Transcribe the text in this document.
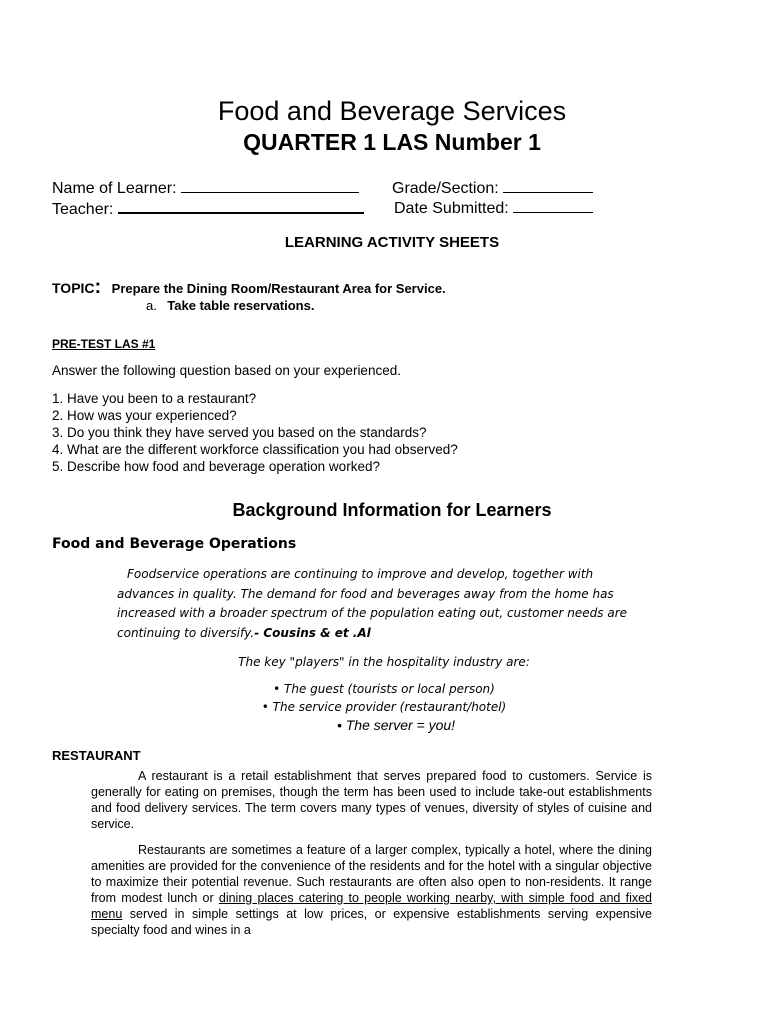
Food and Beverage Services
QUARTER 1 LAS Number 1
Name of Learner:	Grade/Section:
Teacher:	Date Submitted:
LEARNING ACTIVITY SHEETS
TOPIC: Prepare the Dining Room/Restaurant Area for Service.
a. Take table reservations.
PRE-TEST LAS #1
Answer the following question based on your experienced.
1. Have you been to a restaurant?
2. How was your experienced?
3. Do you think they have served you based on the standards?
4. What are the different workforce classification you had observed?
5. Describe how food and beverage operation worked?
Background Information for Learners
Food and Beverage Operations
Foodservice operations are continuing to improve and develop, together with
advances in quality. The demand for food and beverages away from the home has
increased with a broader spectrum of the population eating out, customer needs are
continuing to diversify.- Cousins & et .Al
The key "players" in the hospitality industry are:
• The guest (tourists or local person)
• The service provider (restaurant/hotel)
• The server = you!
RESTAURANT
A restaurant is a retail establishment that serves prepared food to customers. Service is generally for eating on premises, though the term has been used to include take-out establishments and food delivery services. The term covers many types of venues, diversity of styles of cuisine and service.
Restaurants are sometimes a feature of a larger complex, typically a hotel, where the dining amenities are provided for the convenience of the residents and for the hotel with a singular objective to maximize their potential revenue. Such restaurants are often also open to non-residents. It range from modest lunch or dining places catering to people working nearby, with simple food and fixed menu served in simple settings at low prices, or expensive establishments serving expensive specialty food and wines in a
